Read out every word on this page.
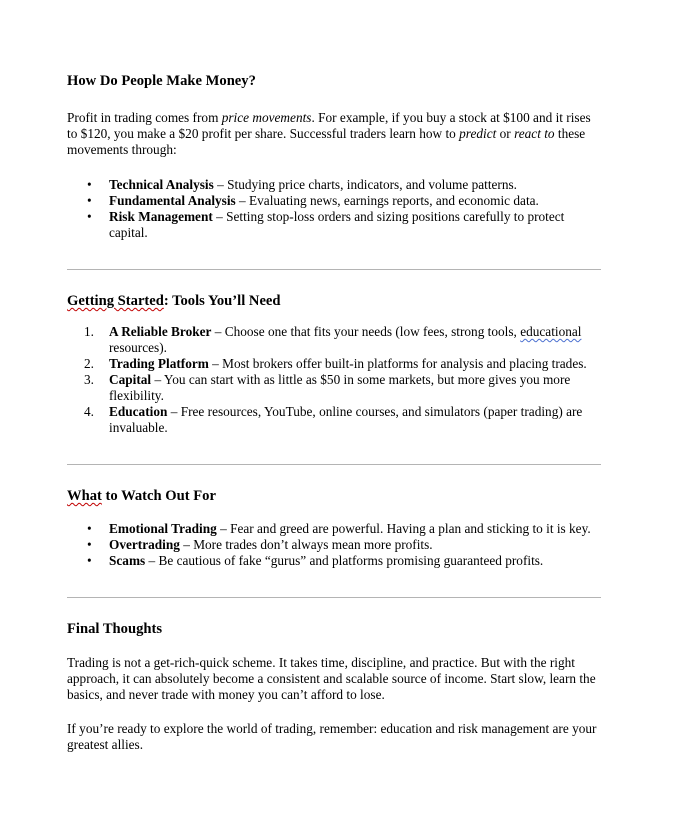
How Do People Make Money?

Profit in trading comes from price movements. For example, if you buy a stock at $100 and it rises to $120, you make a $20 profit per share. Successful traders learn how to predict or react to these movements through:

• Technical Analysis – Studying price charts, indicators, and volume patterns.
• Fundamental Analysis – Evaluating news, earnings reports, and economic data.
• Risk Management – Setting stop-loss orders and sizing positions carefully to protect capital.
Getting Started: Tools You’ll Need
1. A Reliable Broker – Choose one that fits your needs (low fees, strong tools, educational resources).
2. Trading Platform – Most brokers offer built-in platforms for analysis and placing trades.
3. Capital – You can start with as little as $50 in some markets, but more gives you more flexibility.
4. Education – Free resources, YouTube, online courses, and simulators (paper trading) are invaluable.
What to Watch Out For
• Emotional Trading – Fear and greed are powerful. Having a plan and sticking to it is key.
• Overtrading – More trades don’t always mean more profits.
• Scams – Be cautious of fake “gurus” and platforms promising guaranteed profits.
Final Thoughts

Trading is not a get-rich-quick scheme. It takes time, discipline, and practice. But with the right approach, it can absolutely become a consistent and scalable source of income. Start slow, learn the basics, and never trade with money you can’t afford to lose.

If you’re ready to explore the world of trading, remember: education and risk management are your greatest allies.
